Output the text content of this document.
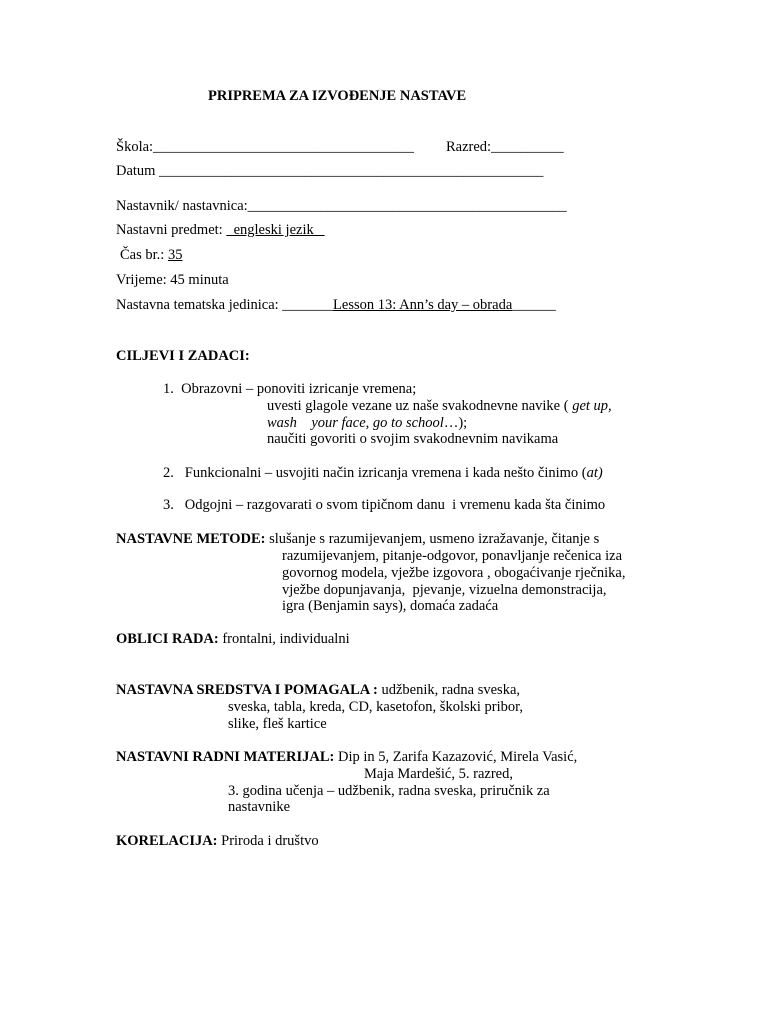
PRIPREMA ZA IZVOĐENJE NASTAVE
Škola:____________________________________ Razred:__________
Datum _____________________________________________________
Nastavnik/ nastavnica:____________________________________________
Nastavni predmet:   engleski jezik
Čas br.: 35
Vrijeme: 45 minuta
Nastavna tematska jedinica: _______Lesson 13: Ann’s day – obrada______
CILJEVI I ZADACI:
1.  Obrazovni – ponoviti izricanje vremena;
uvesti glagole vezane uz naše svakodnevne navike ( get up,
wash    your face, go to school…);
naučiti govoriti o svojim svakodnevnim navikama
2.   Funkcionalni – usvojiti način izricanja vremena i kada nešto činimo (at)
3.   Odgojni – razgovarati o svom tipičnom danu  i vremenu kada šta činimo
NASTAVNE METODE: slušanje s razumijevanjem, usmeno izražavanje, čitanje s
razumijevanjem, pitanje-odgovor, ponavljanje rečenica iza
govornog modela, vježbe izgovora , obogaćivanje rječnika,
vježbe dopunjavanja,  pjevanje, vizuelna demonstracija,
igra (Benjamin says), domaća zadaća
OBLICI RADA: frontalni, individualni
NASTAVNA SREDSTVA I POMAGALA : udžbenik, radna sveska,
sveska, tabla, kreda, CD, kasetofon, školski pribor,
slike, fleš kartice
NASTAVNI RADNI MATERIJAL: Dip in 5, Zarifa Kazazović, Mirela Vasić,
Maja Mardešić, 5. razred,
3. godina učenja – udžbenik, radna sveska, priručnik za
nastavnike
KORELACIJA: Priroda i društvo
